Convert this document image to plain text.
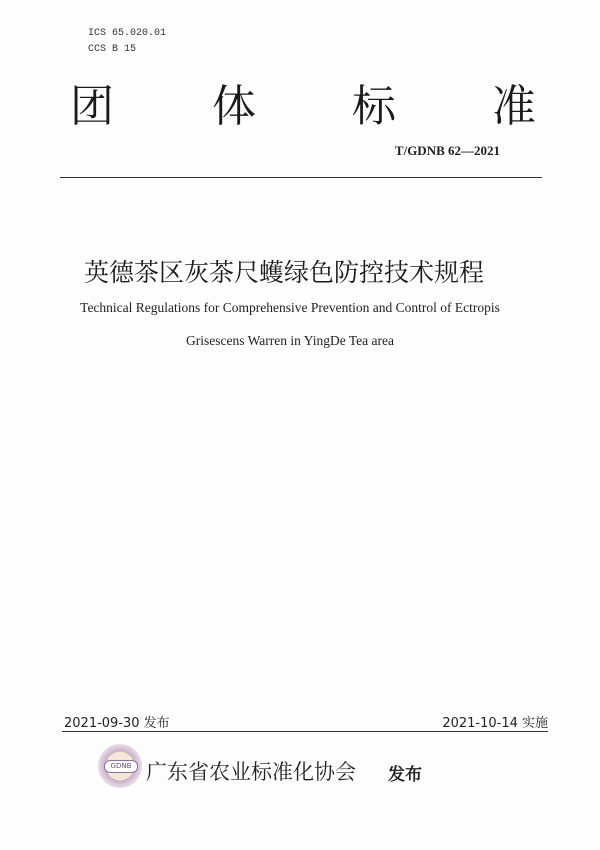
ICS 65.020.01
CCS B 15
团 体 标 准
T/GDNB 62—2021
英德茶区灰茶尺蠖绿色防控技术规程
Technical Regulations for Comprehensive Prevention and Control of Ectropis
Grisescens Warren in YingDe Tea area
2021-09-30 发布	2021-10-14 实施
GDNB 广东省农业标准化协会 发布
